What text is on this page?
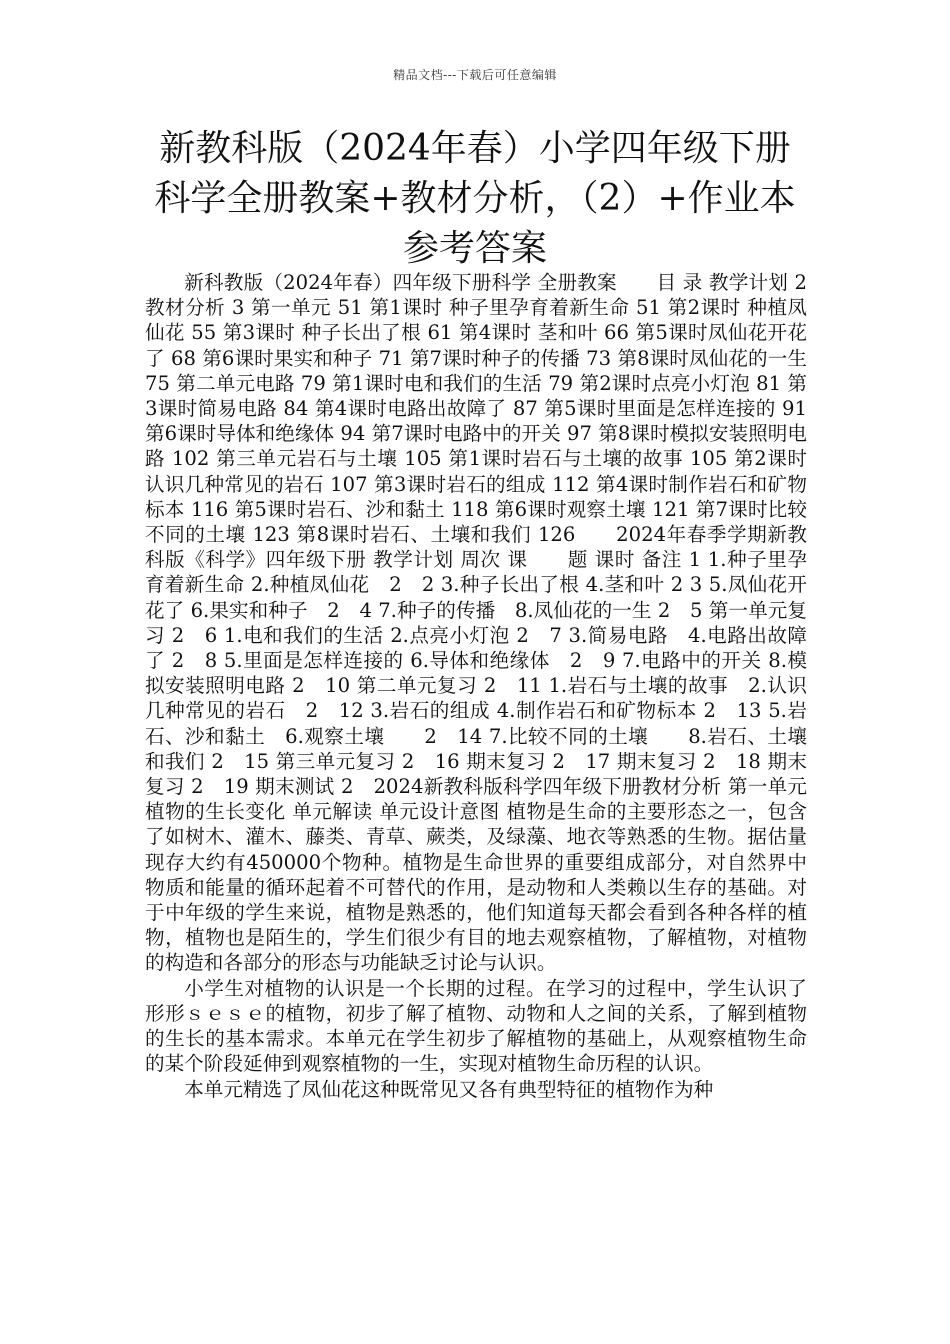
精品文档---下载后可任意编辑
新教科版（2024年春）小学四年级下册科学全册教案+教材分析，（2）+作业本参考答案

新科教版（2024年春）四年级下册科学 全册教案　　目 录 教学计划 2 教材分析 3 第一单元 51 第1课时 种子里孕育着新生命 51 第2课时 种植凤仙花 55 第3课时 种子长出了根 61 第4课时 茎和叶 66 第5课时凤仙花开花了 68 第6课时果实和种子 71 第7课时种子的传播 73 第8课时凤仙花的一生 75 第二单元电路 79 第1课时电和我们的生活 79 第2课时点亮小灯泡 81 第3课时简易电路 84 第4课时电路出故障了 87 第5课时里面是怎样连接的 91 第6课时导体和绝缘体 94 第7课时电路中的开关 97 第8课时模拟安装照明电路 102 第三单元岩石与土壤 105 第1课时岩石与土壤的故事 105 第2课时认识几种常见的岩石 107 第3课时岩石的组成 112 第4课时制作岩石和矿物标本 116 第5课时岩石、沙和黏土 118 第6课时观察土壤 121 第7课时比较不同的土壤 123 第8课时岩石、土壤和我们 126　　2024年春季学期新教科版《科学》四年级下册 教学计划 周次 课　　题 课时 备注 1 1.种子里孕育着新生命 2.种植凤仙花　2　2 3.种子长出了根 4.茎和叶 2 3 5.凤仙花开花了 6.果实和种子　2　4 7.种子的传播　8.凤仙花的一生 2　5 第一单元复习 2　6 1.电和我们的生活 2.点亮小灯泡 2　7 3.简易电路　4.电路出故障了 2　8 5.里面是怎样连接的 6.导体和绝缘体　2　9 7.电路中的开关 8.模拟安装照明电路 2　10 第二单元复习 2　11 1.岩石与土壤的故事　2.认识几种常见的岩石　2　12 3.岩石的组成 4.制作岩石和矿物标本 2　13 5.岩石、沙和黏土　6.观察土壤　　2　14 7.比较不同的土壤　　8.岩石、土壤和我们 2　15 第三单元复习 2　16 期末复习 2　17 期末复习 2　18 期末复习 2　19 期末测试 2　2024新教科版科学四年级下册教材分析 第一单元　　植物的生长变化 单元解读 单元设计意图 植物是生命的主要形态之一，包含了如树木、灌木、藤类、青草、蕨类，及绿藻、地衣等熟悉的生物。据估量现存大约有450000个物种。植物是生命世界的重要组成部分，对自然界中物质和能量的循环起着不可替代的作用，是动物和人类赖以生存的基础。对于中年级的学生来说，植物是熟悉的，他们知道每天都会看到各种各样的植物，植物也是陌生的，学生们很少有目的地去观察植物，了解植物，对植物的构造和各部分的形态与功能缺乏讨论与认识。

小学生对植物的认识是一个长期的过程。在学习的过程中，学生认识了形形ｓｅｓｅ的植物，初步了解了植物、动物和人之间的关系，了解到植物的生长的基本需求。本单元在学生初步了解植物的基础上，从观察植物生命的某个阶段延伸到观察植物的一生，实现对植物生命历程的认识。

本单元精选了凤仙花这种既常见又各有典型特征的植物作为种
